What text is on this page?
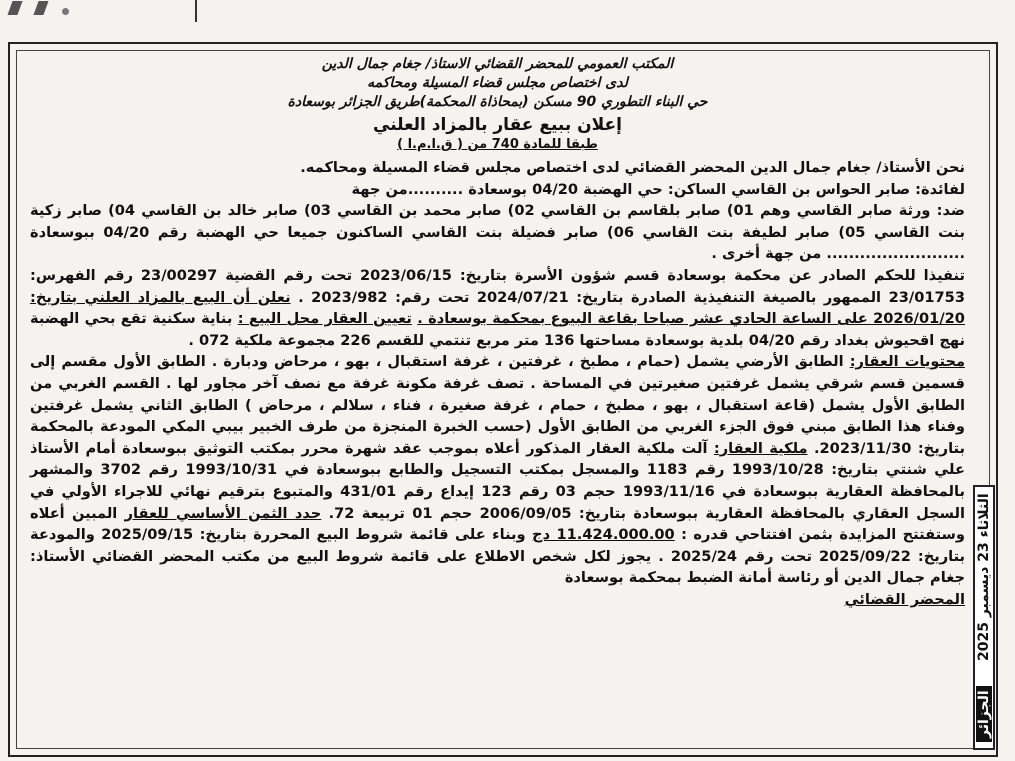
الجزائر
الثلاثاء 23 ديسمبر 2025
المكتب العمومي للمحضر القضائي الاستاذ/ جغام جمال الدين
لدى اختصاص مجلس قضاء المسيلة ومحاكمه
حي البناء التطوري 90 مسكن (بمحاذاة المحكمة)طريق الجزائر بوسعادة
إعلان ببيع عقار بالمزاد العلني
طبقا للمادة 740 من ( ق.ا.م.ا )

نحن الأستاذ/ جغام جمال الدين المحضر القضائي لدى اختصاص مجلس قضاء المسيلة ومحاكمه.

لفائدة: صابر الحواس بن القاسي الساكن: حي الهضبة 04/20 بوسعادة ..........من جهة

ضد: ورثة صابر القاسي وهم 01) صابر بلقاسم بن القاسي 02) صابر محمد بن القاسي 03) صابر خالد بن القاسي 04) صابر زكية بنت القاسي 05) صابر لطيفة بنت القاسي 06) صابر فضيلة بنت القاسي الساكنون جميعا حي الهضبة رقم 04/20 ببوسعادة ......................... من جهة أخرى .

تنفيذا للحكم الصادر عن محكمة بوسعادة قسم شؤون الأسرة بتاريخ: 2023/06/15 تحت رقم القضية 23/00297 رقم الفهرس: 23/01753 الممهور بالصيغة التنفيذية الصادرة بتاريخ: 2024/07/21 تحت رقم: 2023/982 . نعلن أن البيع بالمزاد العلني بتاريخ: 2026/01/20 على الساعة الحادي عشر صباحا بقاعة البيوع بمحكمة بوسعادة . تعيين العقار محل البيع : بناية سكنية تقع بحي الهضبة نهج اقحيوش بغداد رقم 04/20 بلدية بوسعادة مساحتها 136 متر مربع تنتمي للقسم 226 مجموعة ملكية 072 .

محتويات العقار: الطابق الأرضي يشمل (حمام ، مطبخ ، غرفتين ، غرفة استقبال ، بهو ، مرحاض ودبارة . الطابق الأول مقسم إلى قسمين قسم شرقي يشمل غرفتين صغيرتين في المساحة . تصف غرفة مكونة غرفة مع نصف آخر مجاور لها . القسم الغربي من الطابق الأول يشمل (قاعة استقبال ، بهو ، مطبخ ، حمام ، غرفة صغيرة ، فناء ، سلالم ، مرحاض ) الطابق الثاني يشمل غرفتين وفناء هذا الطابق مبني فوق الجزء الغربي من الطابق الأول (حسب الخبرة المنجزة من طرف الخبير بيبي المكي المودعة بالمحكمة بتاريخ: 2023/11/30. ملكية العقار: آلت ملكية العقار المذكور أعلاه بموجب عقد شهرة محرر بمكتب التوثيق ببوسعادة أمام الأستاذ علي شنتي بتاريخ: 1993/10/28 رقم 1183 والمسجل بمكتب التسجيل والطابع ببوسعادة في 1993/10/31 رقم 3702 والمشهر بالمحافظة العقارية ببوسعادة في 1993/11/16 حجم 03 رقم 123 إيداع رقم 431/01 والمتبوع بترقيم نهائي للاجراء الأولي في السجل العقاري بالمحافظة العقارية ببوسعادة بتاريخ: 2006/09/05 حجم 01 تربيعة 72. حدد الثمن الأساسي للعقار المبين أعلاه وستفتتح المزايدة بثمن افتتاحي قدره : 11.424.000.00 دج وبناء على قائمة شروط البيع المحررة بتاريخ: 2025/09/15 والمودعة بتاريخ: 2025/09/22 تحت رقم 2025/24 . يجوز لكل شخص الاطلاع على قائمة شروط البيع من مكتب المحضر القضائي الأستاذ: جغام جمال الدين أو رئاسة أمانة الضبط بمحكمة بوسعادة

المحضر القضائي
